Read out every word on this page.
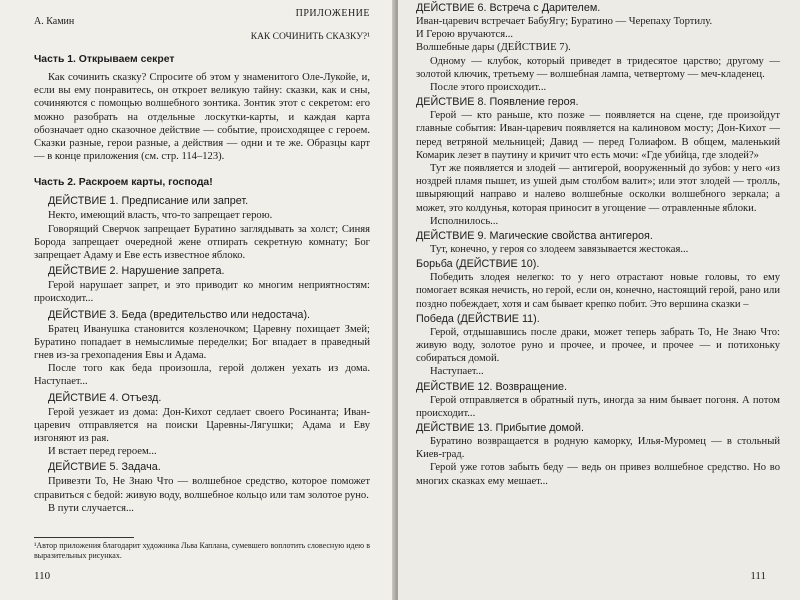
А. Камин
ПРИЛОЖЕНИЕ
КАК СОЧИНИТЬ СКАЗКУ?¹
Часть 1. Открываем секрет

Как сочинить сказку? Спросите об этом у знаменитого Оле-Лукойе, и, если вы ему понравитесь, он откроет великую тайну: сказки, как и сны, сочиняются с помощью волшебного зонтика. Зонтик этот с секретом: его можно разобрать на отдельные лоскутки-карты, и каждая карта обозначает одно сказочное действие — событие, происходящее с героем. Сказки разные, герои разные, а действия — одни и те же. Образцы карт — в конце приложения (см. стр. 114–123).

Часть 2. Раскроем карты, господа!
ДЕЙСТВИЕ 1. Предписание или запрет.

Некто, имеющий власть, что-то запрещает герою.

Говорящий Сверчок запрещает Буратино заглядывать за холст; Синяя Борода запрещает очередной жене отпирать секретную комнату; Бог запрещает Адаму и Еве есть известное яблоко.

ДЕЙСТВИЕ 2. Нарушение запрета.

Герой нарушает запрет, и это приводит ко многим неприятностям: происходит...

ДЕЙСТВИЕ 3. Беда (вредительство или недостача).

Братец Иванушка становится козленочком; Царевну похищает Змей; Буратино попадает в немыслимые переделки; Бог впадает в праведный гнев из-за грехопадения Евы и Адама.

После того как беда произошла, герой должен уехать из дома. Наступает...

ДЕЙСТВИЕ 4. Отъезд.

Герой уезжает из дома: Дон-Кихот седлает своего Росинанта; Иван-царевич отправляется на поиски Царевны-Лягушки; Адама и Еву изгоняют из рая.

И встает перед героем...

ДЕЙСТВИЕ 5. Задача.

Привезти То, Не Знаю Что — волшебное средство, которое поможет справиться с бедой: живую воду, волшебное кольцо или там золотое руно.

В пути случается...

¹Автор приложения благодарит художника Льва Каплана, сумевшего воплотить словесную идею в выразительных рисунках.

110
ДЕЙСТВИЕ 6. Встреча с Дарителем.

Иван-царевич встречает БабуЯгу; Буратино — Черепаху Тортилу.

И Герою вручаются...

Волшебные дары (ДЕЙСТВИЕ 7).

Одному — клубок, который приведет в тридесятое царство; другому — золотой ключик, третьему — волшебная лампа, четвертому — меч-кладенец.

После этого происходит...

ДЕЙСТВИЕ 8. Появление героя.

Герой — кто раньше, кто позже — появляется на сцене, где произойдут главные события: Иван-царевич появляется на калиновом мосту; Дон-Кихот — перед ветряной мельницей; Давид — перед Голиафом. В общем, маленький Комарик лезет в паутину и кричит что есть мочи: «Где убийца, где злодей?»

Тут же появляется и злодей — антигерой, вооруженный до зубов: у него «из ноздрей пламя пышет, из ушей дым столбом валит»; или этот злодей — тролль, швыряющий направо и налево волшебные осколки волшебного зеркала; а может, это колдунья, которая приносит в угощение — отравленные яблоки.

Исполнилось...

ДЕЙСТВИЕ 9. Магические свойства антигероя.

Тут, конечно, у героя со злодеем завязывается жестокая...

Борьба (ДЕЙСТВИЕ 10).

Победить злодея нелегко: то у него отрастают новые головы, то ему помогает всякая нечисть, но герой, если он, конечно, настоящий герой, рано или поздно побеждает, хотя и сам бывает крепко побит. Это вершина сказки –

Победа (ДЕЙСТВИЕ 11).

Герой, отдышавшись после драки, может теперь забрать То, Не Знаю Что: живую воду, золотое руно и прочее, и прочее, и прочее — и потихоньку собираться домой.

Наступает...

ДЕЙСТВИЕ 12. Возвращение.

Герой отправляется в обратный путь, иногда за ним бывает погоня. А потом происходит...

ДЕЙСТВИЕ 13. Прибытие домой.

Буратино возвращается в родную каморку, Илья-Муромец — в стольный Киев-град.

Герой уже готов забыть беду — ведь он привез волшебное средство. Но во многих сказках ему мешает...

111
